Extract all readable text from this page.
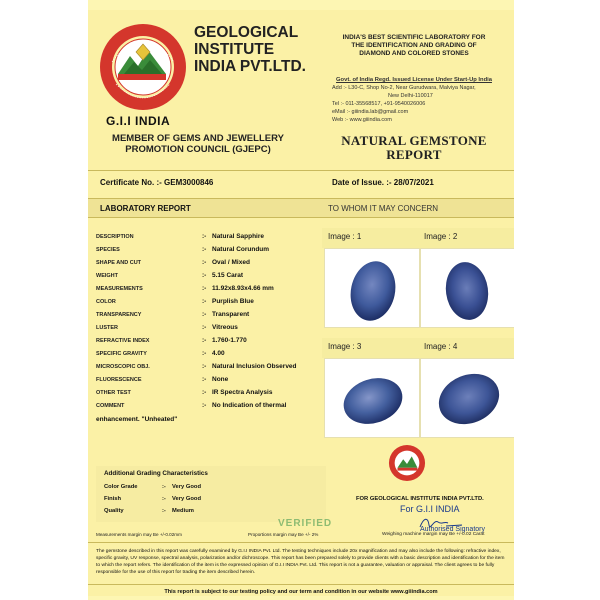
GEOLOGICAL
INSTITUTE
INDIA PVT.LTD.
G.I.I INDIA
MEMBER OF GEMS AND JEWELLERY
PROMOTION COUNCIL (GJEPC)
INDIA'S BEST SCIENTIFIC LABORATORY FOR
THE IDENTIFICATION AND GRADING OF
DIAMOND AND COLORED STONES
Govt. of India Regd. Issued License Under Start-Up India
Add :- L30-C, Shop No-2, Near Gurudwara, Malviya Nagar,
New Delhi-110017
Tel :- 011-35568517, +91-9540026006
eMail :- giiindia.lab@gmail.com
Web :- www.giiindia.com
NATURAL GEMSTONE
REPORT
Certificate No. :- GEM3000846	Date of Issue. :- 28/07/2021
LABORATORY REPORT	TO WHOM IT MAY CONCERN
DESCRIPTION	:- Natural Sapphire
SPECIES	:- Natural Corundum
SHAPE AND CUT	:- Oval / Mixed
WEIGHT	:- 5.15 Carat
MEASUREMENTS	:- 11.92x8.93x4.66 mm
COLOR	:- Purplish Blue
TRANSPARENCY	:- Transparent
LUSTER	:- Vitreous
REFRACTIVE INDEX	:- 1.760-1.770
SPECIFIC GRAVITY	:- 4.00
MICROSCOPIC OBJ.	:- Natural Inclusion Observed
FLUORESCENCE	:- None
OTHER TEST	:- IR Spectra Analysis
COMMENT	:- No Indication of thermal
enhancement. "Unheated"
Image : 1	Image : 2
Image : 3	Image : 4
Additional Grading Characteristics
Color Grade	:- Very Good
Finish	:- Very Good
Quality	:- Medium
FOR GEOLOGICAL INSTITUTE INDIA PVT.LTD.
For G.I.I INDIA
Authorised Signatory
VERIFIED
Weighing machine margin may Be +/-0.02 Carat
Measurements margin may Be +/-0.02mm	Proportions margin may Be +/- 2%
The gemstone described in this report was carefully examined by G.I.I INDIA Pvt. Ltd. The testing techniques include 20x magnification and may also include the following: refractive index, specific gravity, UV response, spectral analysis, polarization and/or dichroscope. This report has been prepared solely to provide clients with a basic description and identification for the item to which the report refers. The identification of the item is the expressed opinion of G.I.I INDIA Pvt. Ltd. This report is not a guarantee, valuation or appraisal. The client agrees to be fully responsible for the use of this report for trading the item described herein.
This report is subject to our testing policy and our term and condition in our website www.giiindia.com
